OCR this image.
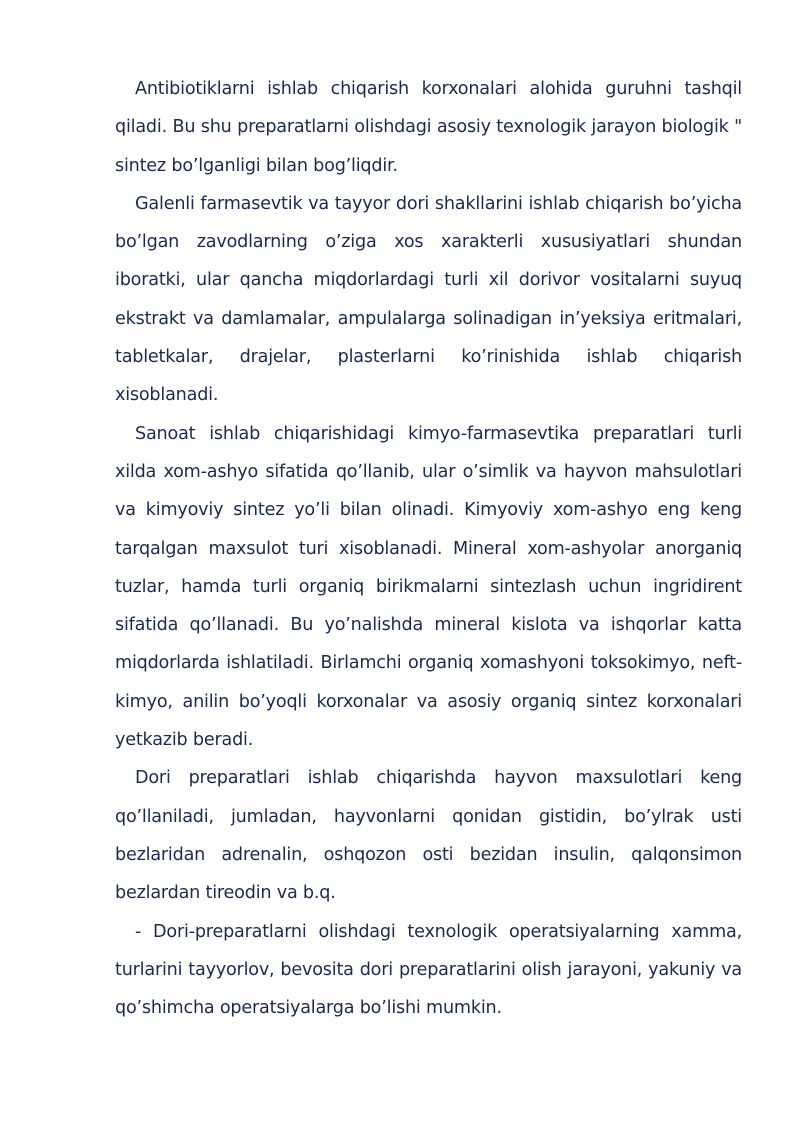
Antibiotiklarni ishlab chiqarish korxonalari alohida guruhni tashqil qiladi. Bu shu preparatlarni olishdagi asosiy texnologik jarayon biologik " sintez bo’lganligi bilan bog’liqdir.

Galenli farmasevtik va tayyor dori shakllarini ishlab chiqarish bo’yicha bo’lgan zavodlarning o’ziga xos xarakterli xususiyatlari shundan iboratki, ular qancha miqdorlardagi turli xil dorivor vositalarni suyuq ekstrakt va damlamalar, ampulalarga solinadigan in’yeksiya eritmalari, tabletkalar, drajelar, plasterlarni ko’rinishida ishlab chiqarish xisoblanadi.

Sanoat ishlab chiqarishidagi kimyo-farmasevtika preparatlari turli xilda xom-ashyo sifatida qo’llanib, ular o’simlik va hayvon mahsulotlari va kimyoviy sintez yo’li bilan olinadi. Kimyoviy xom-ashyo eng keng tarqalgan maxsulot turi xisoblanadi. Mineral xom-ashyolar anorganiq tuzlar, hamda turli organiq birikmalarni sintezlash uchun ingridirent sifatida qo’llanadi. Bu yo’nalishda mineral kislota va ishqorlar katta miqdorlarda ishlatiladi. Birlamchi organiq xomashyoni toksokimyo, neft-kimyo, anilin bo’yoqli korxonalar va asosiy organiq sintez korxonalari yetkazib beradi.

Dori preparatlari ishlab chiqarishda hayvon maxsulotlari keng qo’llaniladi, jumladan, hayvonlarni qonidan gistidin, bo’ylrak usti bezlaridan adrenalin, oshqozon osti bezidan insulin, qalqonsimon bezlardan tireodin va b.q.

- Dori-preparatlarni olishdagi texnologik operatsiyalarning xamma, turlarini tayyorlov, bevosita dori preparatlarini olish jarayoni, yakuniy va qo’shimcha operatsiyalarga bo’lishi mumkin.
